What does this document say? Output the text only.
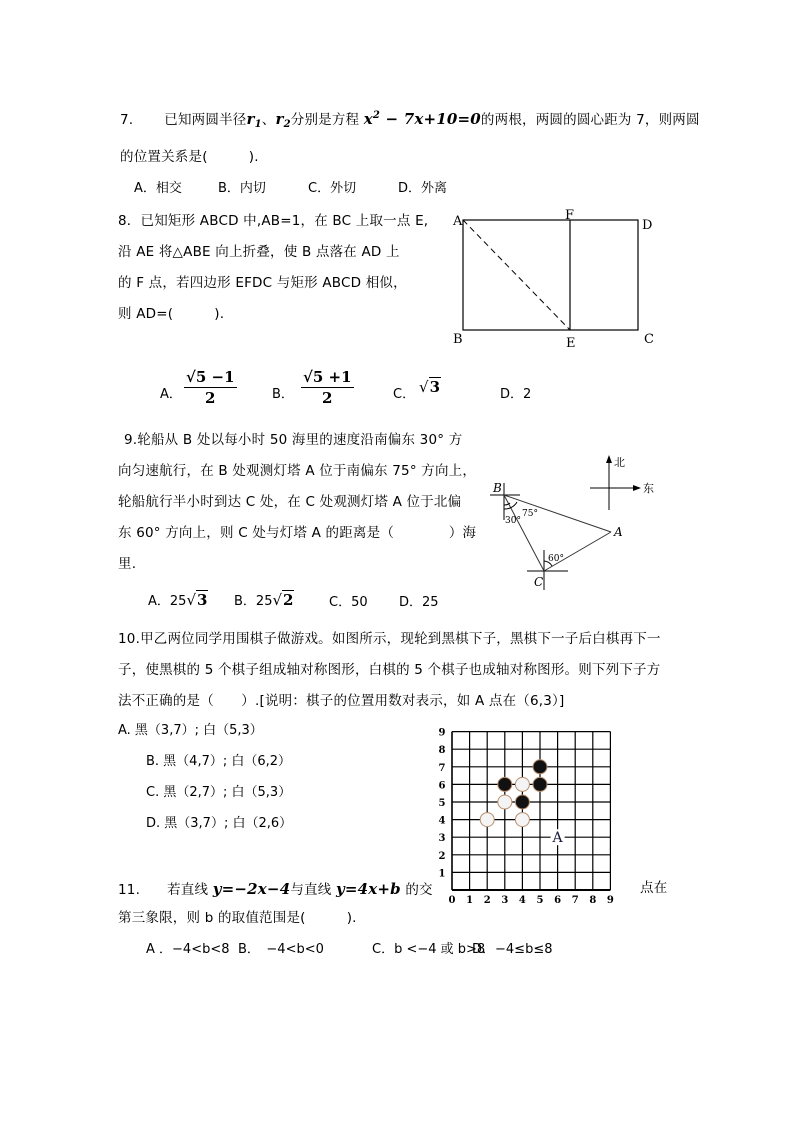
7. 已知两圆半径$r_1$、$r_2$分别是方程 $x^2 - 7x+10=0$的两根，两圆的圆心距为 7，则两圆
的位置关系是(　　　).
A．相交	B．内切	C．外切	D．外离
8．已知矩形 ABCD 中,AB=1，在 BC 上取一点 E,
沿 AE 将△ABE 向上折叠，使 B 点落在 AD 上
的 F 点，若四边形 EFDC 与矩形 ABCD 相似，
则 AD=(　　　).
A	F
D
B	E	C
A． $\frac{√5 -1}{2}$	B． $\frac{√5 +1}{2}$	C． √3	D．2
9.轮船从 B 处以每小时 50 海里的速度沿南偏东 30° 方
向匀速航行，在 B 处观测灯塔 A 位于南偏东 75° 方向上，
轮船航行半小时到达 C 处，在 C 处观测灯塔 A 位于北偏
东 60° 方向上，则 C 处与灯塔 A 的距离是（　　　　）海
里.
北
东
B
A
C
75°
30°
60°
A．25√3 B．25√2	C．50 D．25
10.甲乙两位同学用围棋子做游戏。如图所示，现轮到黑棋下子，黑棋下一子后白棋再下一
子，使黑棋的 5 个棋子组成轴对称图形，白棋的 5 个棋子也成轴对称图形。则下列下子方
法不正确的是（　　）.[说明：棋子的位置用数对表示，如 A 点在（6,3）]
A. 黑（3,7）; 白（5,3）
B. 黑（4,7）; 白（6,2）
C. 黑（2,7）; 白（5,3）
D. 黑（3,7）; 白（2,6）
0 1 2 3 4 5 6 7 8 9
1
2
3
4
5
6
7
8
9
A
11. 若直线 y=−2x−4与直线 y=4x+b 的交	点在
第三象限，则 b 的取值范围是(　　　).
A ．−4<b<8 B．　−4<b<0	C．b <−4 或 b>8
D．−4≤b≤8
